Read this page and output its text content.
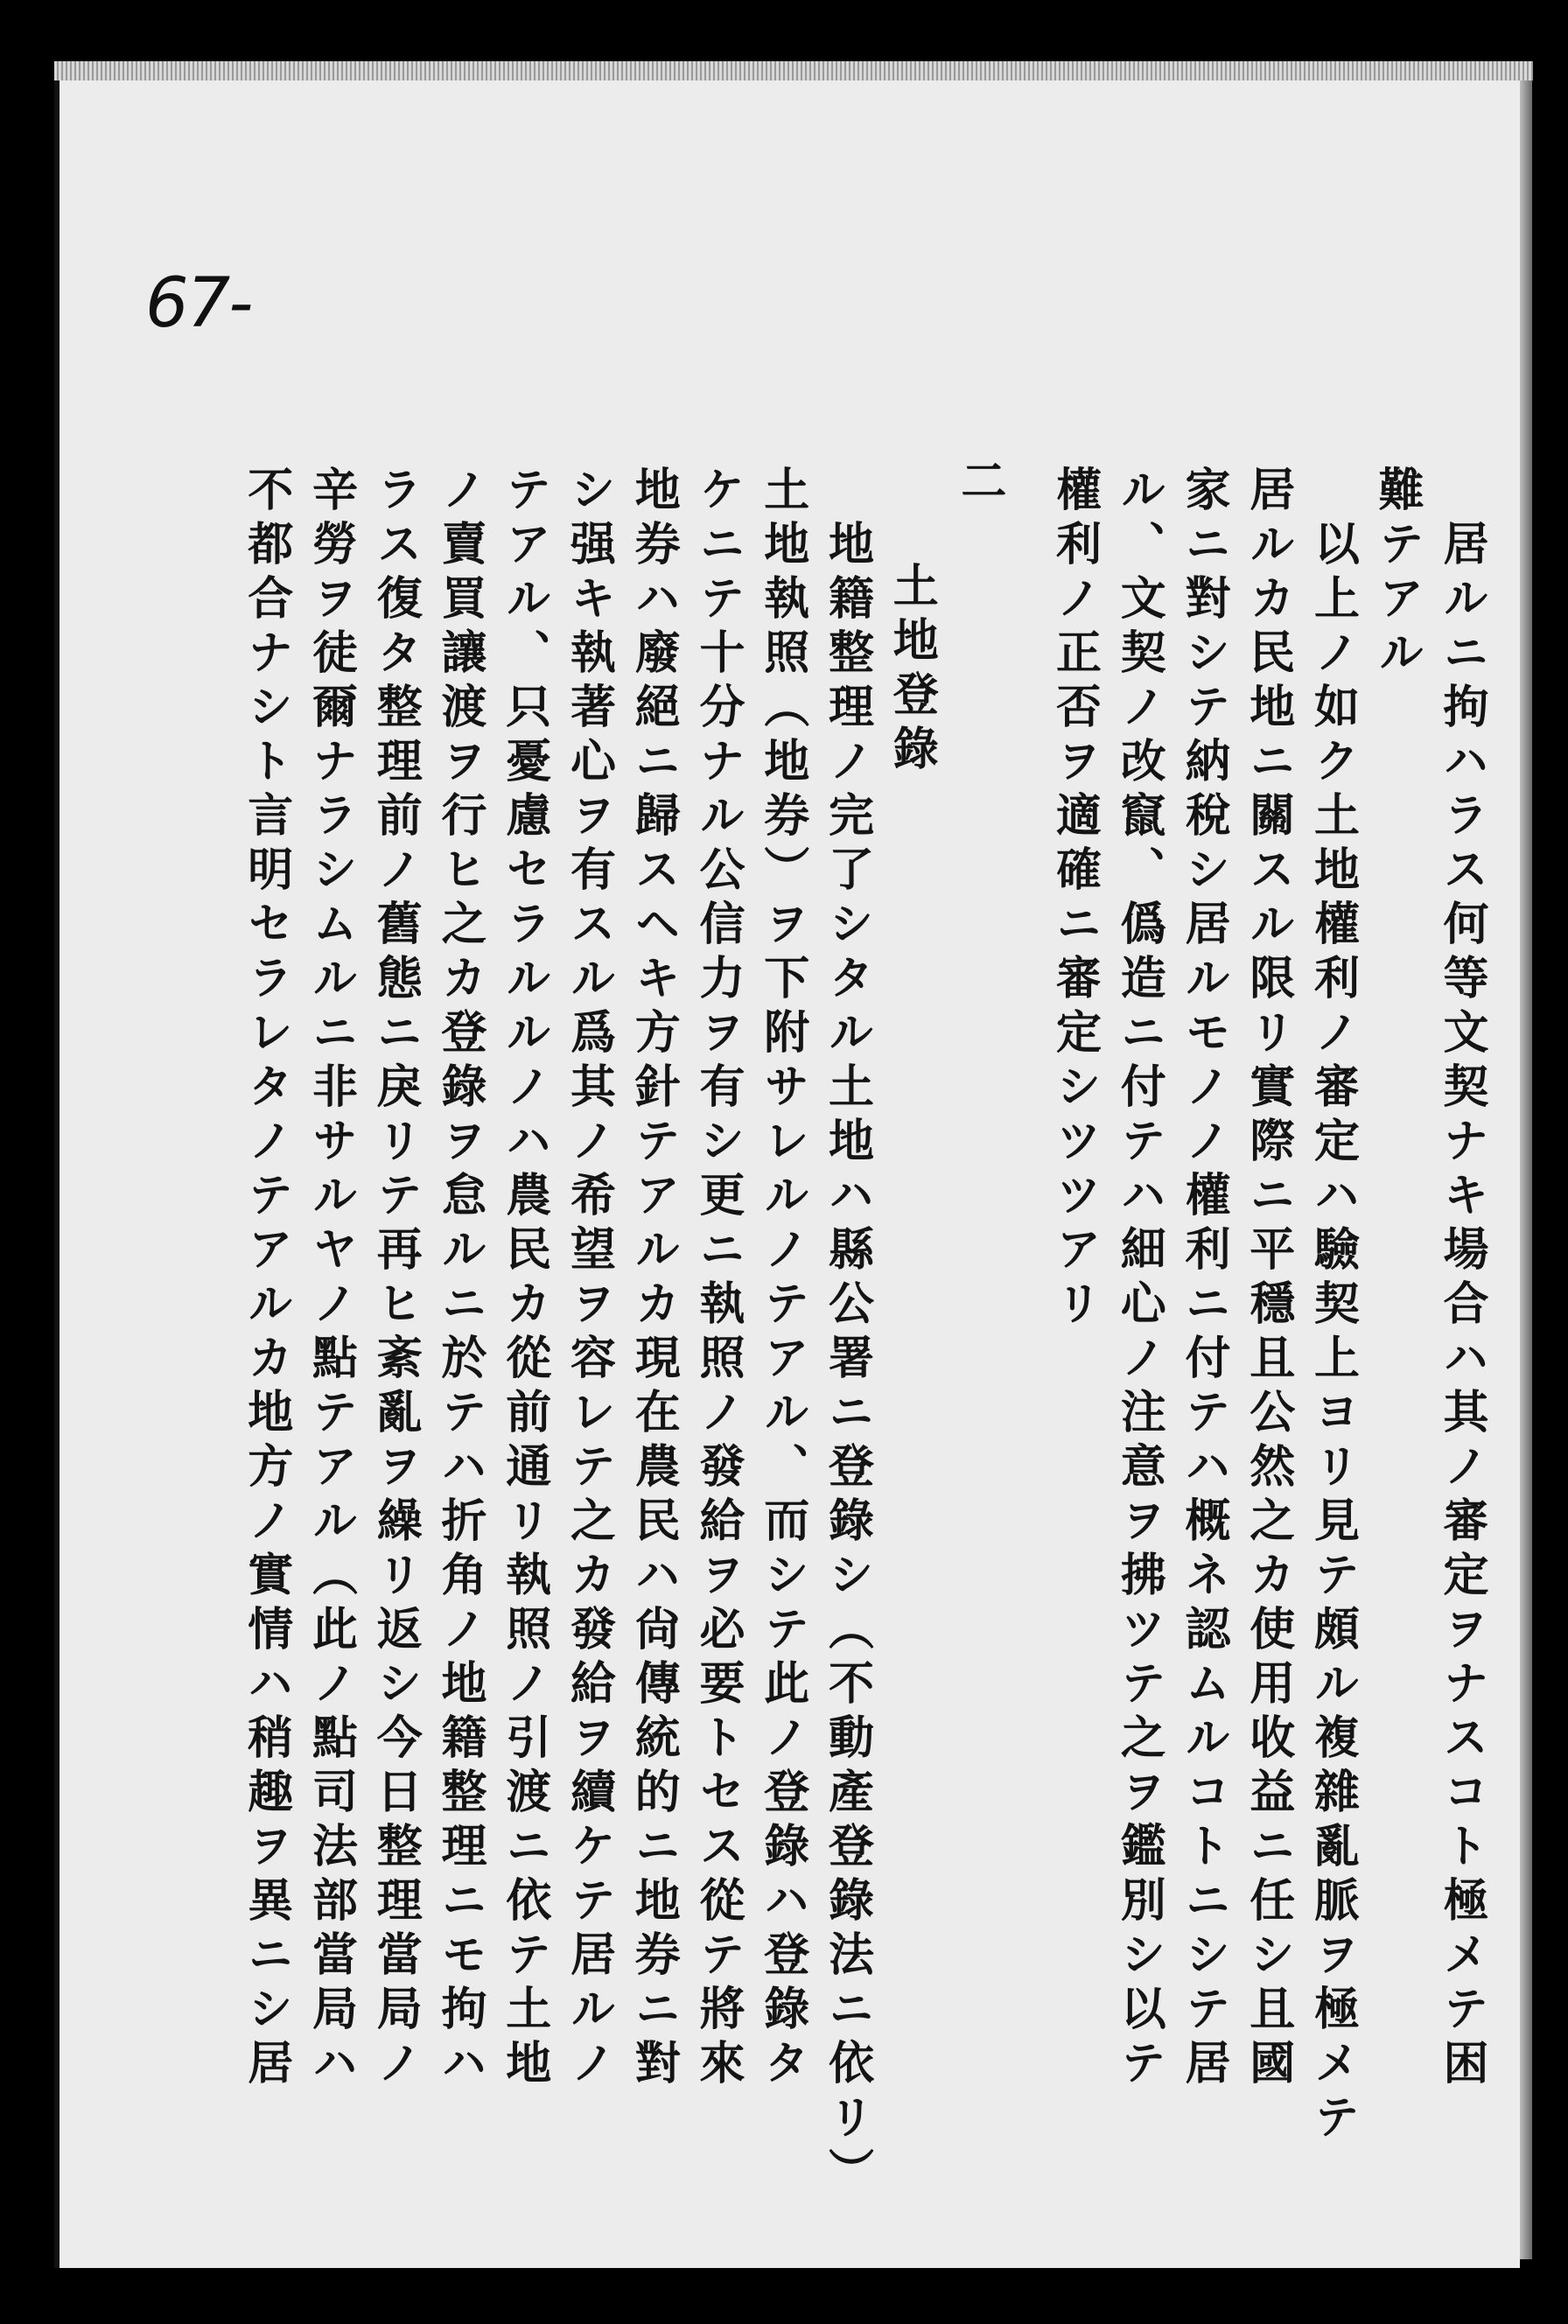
67-
居ルニ拘ハラス何等文契ナキ場合ハ其ノ審定ヲナスコト極メテ困
難テアル
以上ノ如ク土地權利ノ審定ハ驗契上ヨリ見テ頗ル複雜亂脈ヲ極メテ
居ルカ民地ニ關スル限リ實際ニ平穩且公然之カ使用收益ニ任シ且國
家ニ對シテ納稅シ居ルモノノ權利ニ付テハ概ネ認ムルコトニシテ居
ル、文契ノ改竄、僞造ニ付テハ細心ノ注意ヲ拂ツテ之ヲ鑑別シ以テ
權利ノ正否ヲ適確ニ審定シツツアリ
二
土地登錄
地籍整理ノ完了シタル土地ハ縣公署ニ登錄シ（不動產登錄法ニ依リ）
土地執照（地券）ヲ下附サレルノテアル、而シテ此ノ登錄ハ登錄タ
ケニテ十分ナル公信力ヲ有シ更ニ執照ノ發給ヲ必要トセス從テ將來
地券ハ廢絕ニ歸スヘキ方針テアルカ現在農民ハ尙傳統的ニ地券ニ對
シ强キ執著心ヲ有スル爲其ノ希望ヲ容レテ之カ發給ヲ續ケテ居ルノ
テアル、只憂慮セラルルノハ農民カ從前通リ執照ノ引渡ニ依テ土地
ノ賣買讓渡ヲ行ヒ之カ登錄ヲ怠ルニ於テハ折角ノ地籍整理ニモ拘ハ
ラス復タ整理前ノ舊態ニ戾リテ再ヒ紊亂ヲ繰リ返シ今日整理當局ノ
辛勞ヲ徒爾ナラシムルニ非サルヤノ點テアル（此ノ點司法部當局ハ
不都合ナシト言明セラレタノテアルカ地方ノ實情ハ稍趣ヲ異ニシ居
